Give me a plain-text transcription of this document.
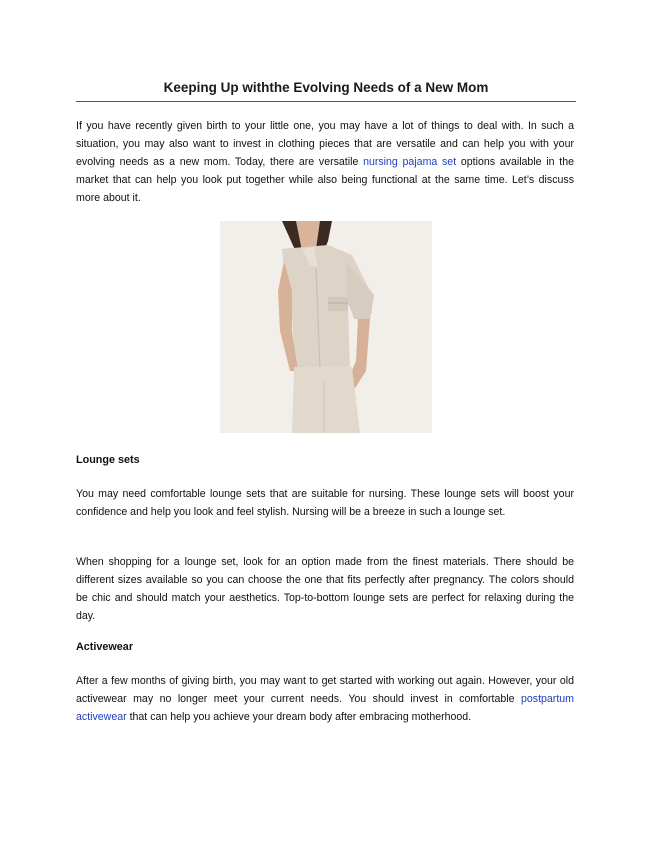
Keeping Up withthe Evolving Needs of a New Mom

If you have recently given birth to your little one, you may have a lot of things to deal with. In such a situation, you may also want to invest in clothing pieces that are versatile and can help you with your evolving needs as a new mom. Today, there are versatile nursing pajama set options available in the market that can help you look put together while also being functional at the same time. Let’s discuss more about it.

Lounge sets

You may need comfortable lounge sets that are suitable for nursing. These lounge sets will boost your confidence and help you look and feel stylish. Nursing will be a breeze in such a lounge set.

When shopping for a lounge set, look for an option made from the finest materials. There should be different sizes available so you can choose the one that fits perfectly after pregnancy. The colors should be chic and should match your aesthetics. Top-to-bottom lounge sets are perfect for relaxing during the day.

Activewear

After a few months of giving birth, you may want to get started with working out again. However, your old activewear may no longer meet your current needs. You should invest in comfortable postpartum activewear that can help you achieve your dream body after embracing motherhood.
